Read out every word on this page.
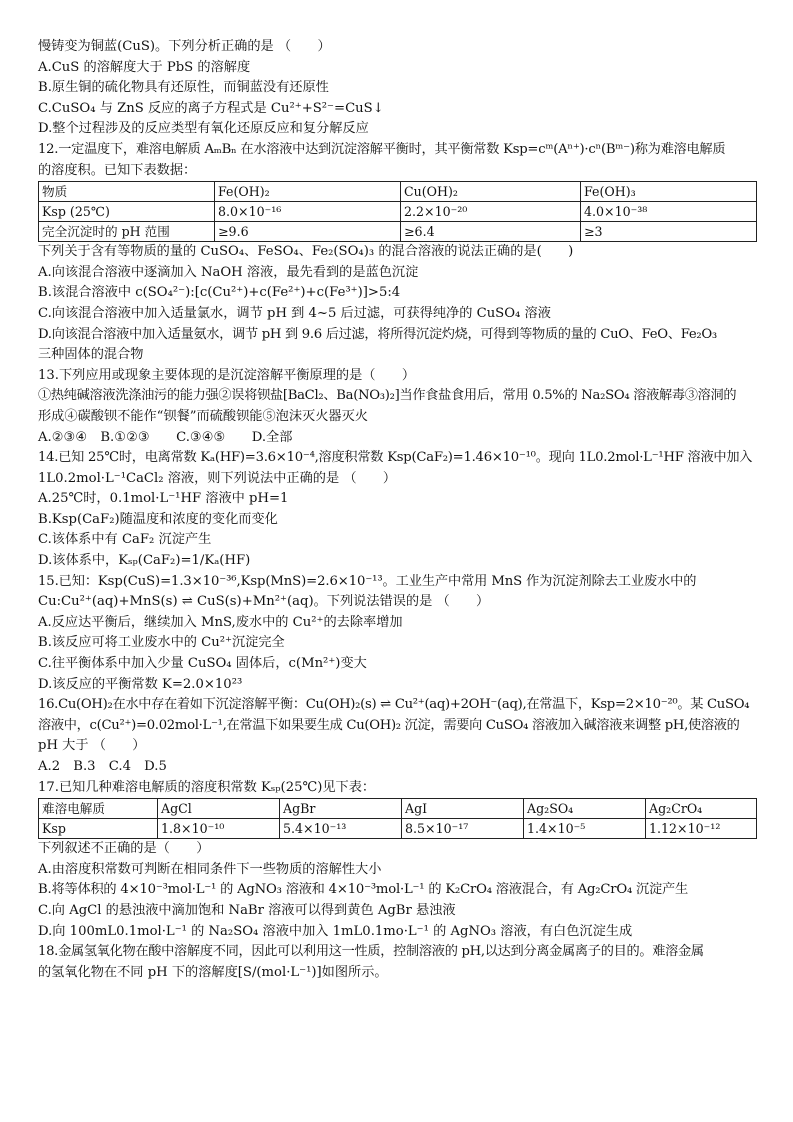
慢铸变为铜蓝(CuS)。下列分析正确的是 （　　）
A.CuS 的溶解度大于 PbS 的溶解度
B.原生铜的硫化物具有还原性，而铜蓝没有还原性
C.CuSO₄ 与 ZnS 反应的离子方程式是 Cu²⁺+S²⁻=CuS↓
D.整个过程涉及的反应类型有氧化还原反应和复分解反应
12.一定温度下，难溶电解质 AₘBₙ 在水溶液中达到沉淀溶解平衡时，其平衡常数 Ksp=cᵐ(Aⁿ⁺)·cⁿ(Bᵐ⁻)称为难溶电解质
的溶度积。已知下表数据：
物质	Fe(OH)₂	Cu(OH)₂	Fe(OH)₃
Ksp (25℃)	8.0×10⁻¹⁶	2.2×10⁻²⁰	4.0×10⁻³⁸
完全沉淀时的 pH 范围	≥9.6	≥6.4	≥3
下列关于含有等物质的量的 CuSO₄、FeSO₄、Fe₂(SO₄)₃ 的混合溶液的说法正确的是(　　)
A.向该混合溶液中逐滴加入 NaOH 溶液，最先看到的是蓝色沉淀
B.该混合溶液中 c(SO₄²⁻):[c(Cu²⁺)+c(Fe²⁺)+c(Fe³⁺)]>5:4
C.向该混合溶液中加入适量氯水，调节 pH 到 4~5 后过滤，可获得纯净的 CuSO₄ 溶液
D.向该混合溶液中加入适量氨水，调节 pH 到 9.6 后过滤，将所得沉淀灼烧，可得到等物质的量的 CuO、FeO、Fe₂O₃
三种固体的混合物
13.下列应用或现象主要体现的是沉淀溶解平衡原理的是（　　）
①热纯碱溶液洗涤油污的能力强②误将钡盐[BaCl₂、Ba(NO₃)₂]当作食盐食用后，常用 0.5%的 Na₂SO₄ 溶液解毒③溶洞的
形成④碳酸钡不能作“钡餐”而硫酸钡能⑤泡沫灭火器灭火
A.②③④　B.①②③　　C.③④⑤　　D.全部
14.已知 25℃时，电离常数 Kₐ(HF)=3.6×10⁻⁴,溶度积常数 Ksp(CaF₂)=1.46×10⁻¹⁰。现向 1L0.2mol·L⁻¹HF 溶液中加入
1L0.2mol·L⁻¹CaCl₂ 溶液，则下列说法中正确的是 （　　）
A.25℃时，0.1mol·L⁻¹HF 溶液中 pH=1
B.Ksp(CaF₂)随温度和浓度的变化而变化
C.该体系中有 CaF₂ 沉淀产生
D.该体系中，Kₛₚ(CaF₂)=1/Kₐ(HF)
15.已知：Ksp(CuS)=1.3×10⁻³⁶,Ksp(MnS)=2.6×10⁻¹³。工业生产中常用 MnS 作为沉淀剂除去工业废水中的
Cu:Cu²⁺(aq)+MnS(s) ⇌ CuS(s)+Mn²⁺(aq)。下列说法错误的是 （　　）
A.反应达平衡后，继续加入 MnS,废水中的 Cu²⁺的去除率增加
B.该反应可将工业废水中的 Cu²⁺沉淀完全
C.往平衡体系中加入少量 CuSO₄ 固体后，c(Mn²⁺)变大
D.该反应的平衡常数 K=2.0×10²³
16.Cu(OH)₂在水中存在着如下沉淀溶解平衡：Cu(OH)₂(s) ⇌ Cu²⁺(aq)+2OH⁻(aq),在常温下，Ksp=2×10⁻²⁰。某 CuSO₄
溶液中，c(Cu²⁺)=0.02mol·L⁻¹,在常温下如果要生成 Cu(OH)₂ 沉淀，需要向 CuSO₄ 溶液加入碱溶液来调整 pH,使溶液的
pH 大于 （　　）
A.2　B.3　C.4　D.5
17.已知几种难溶电解质的溶度积常数 Kₛₚ(25℃)见下表：
难溶电解质	AgCl	AgBr	AgI	Ag₂SO₄	Ag₂CrO₄
Ksp	1.8×10⁻¹⁰	5.4×10⁻¹³	8.5×10⁻¹⁷	1.4×10⁻⁵	1.12×10⁻¹²
下列叙述不正确的是（　　）
A.由溶度积常数可判断在相同条件下一些物质的溶解性大小
B.将等体积的 4×10⁻³mol·L⁻¹ 的 AgNO₃ 溶液和 4×10⁻³mol·L⁻¹ 的 K₂CrO₄ 溶液混合，有 Ag₂CrO₄ 沉淀产生
C.向 AgCl 的悬浊液中滴加饱和 NaBr 溶液可以得到黄色 AgBr 悬浊液
D.向 100mL0.1mol·L⁻¹ 的 Na₂SO₄ 溶液中加入 1mL0.1mo·L⁻¹ 的 AgNO₃ 溶液，有白色沉淀生成
18.金属氢氧化物在酸中溶解度不同，因此可以利用这一性质，控制溶液的 pH,以达到分离金属离子的目的。难溶金属
的氢氧化物在不同 pH 下的溶解度[S/(mol·L⁻¹)]如图所示。
